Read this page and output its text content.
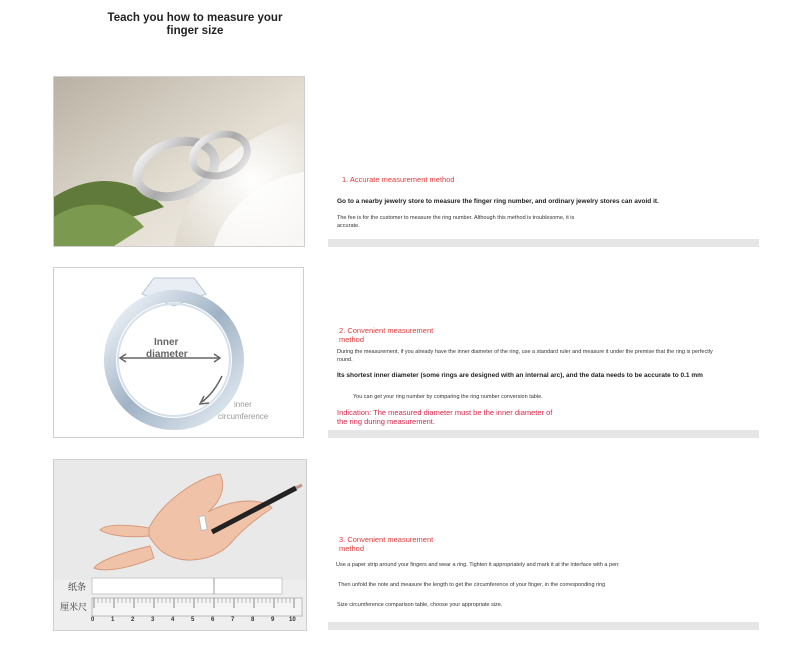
Teach you how to measure your finger size
1. Accurate measurement method
Go to a nearby jewelry store to measure the finger ring number, and ordinary jewelry stores can avoid it.
The fee is for the customer to measure the ring number. Although this method is troublesome, it is accurate.
Inner
diameter
inner
circumference
2. Convenient measurement method
During the measurement, if you already have the inner diameter of the ring, use a standard ruler and measure it under the premise that the ring is perfectly round.
Its shortest inner diameter (some rings are designed with an internal arc), and the data needs to be accurate to 0.1 mm
You can get your ring number by comparing the ring number conversion table.
Indication: The measured diameter must be the inner diameter of the ring during measurement.
纸条
厘米尺
0	1	2	3	4	5	6	7	8	9 10
3. Convenient measurement method
Use a paper strip around your fingers and wear a ring. Tighten it appropriately and mark it at the interface with a pen:
Then unfold the note and measure the length to get the circumference of your finger, in the corresponding ring
Size circumference comparison table, choose your appropriate size.
